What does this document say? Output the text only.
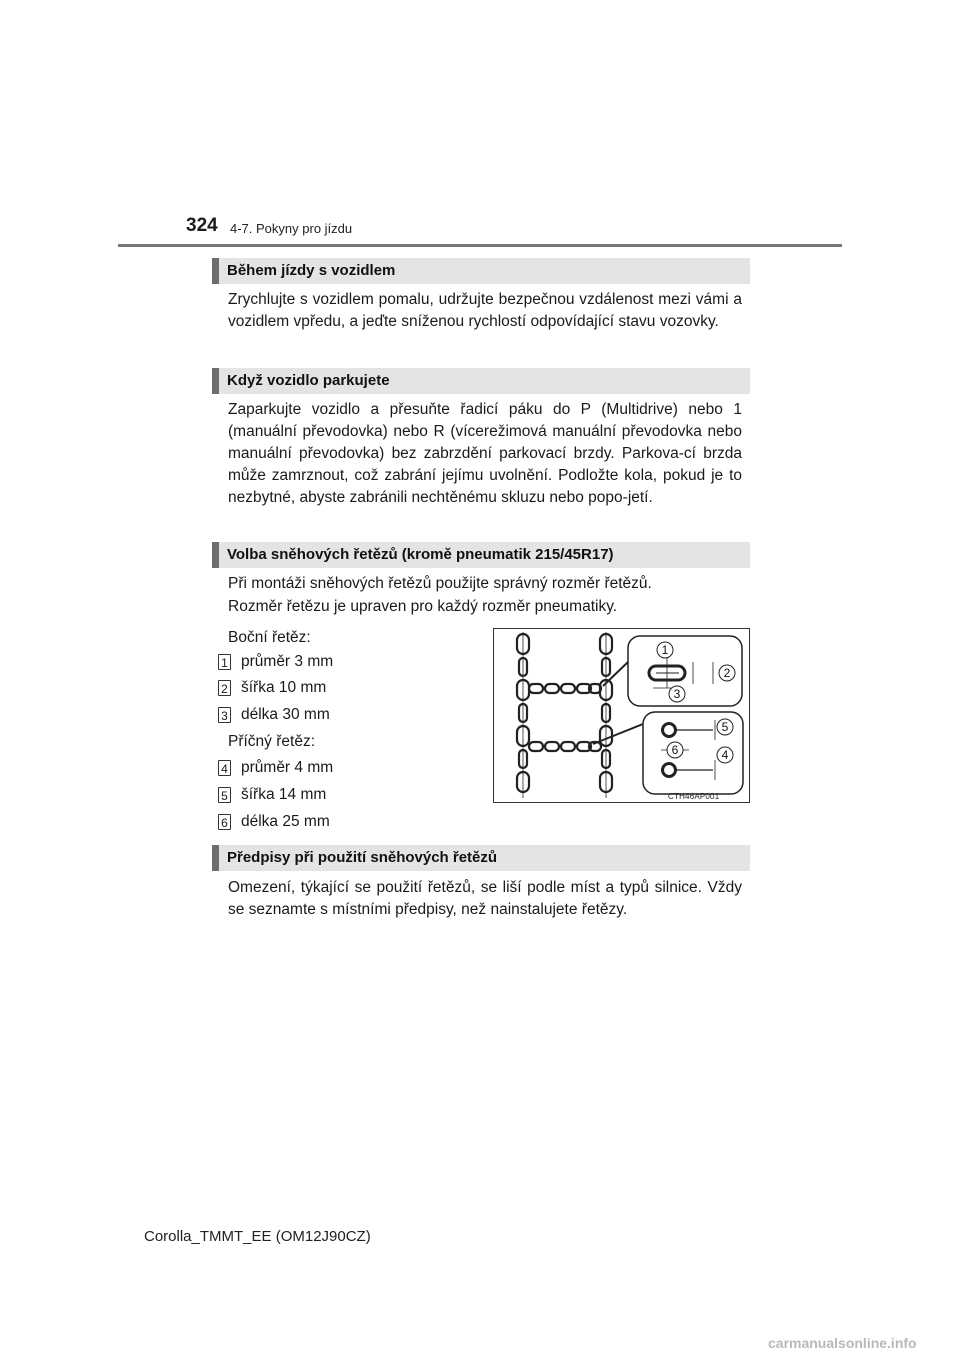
324 4-7. Pokyny pro jízdu
Během jízdy s vozidlem
Zrychlujte s vozidlem pomalu, udržujte bezpečnou vzdálenost mezi vámi a vozidlem vpředu, a jeďte sníženou rychlostí odpovídající stavu vozovky.
Když vozidlo parkujete
Zaparkujte vozidlo a přesuňte řadicí páku do P (Multidrive) nebo 1 (manuální převodovka) nebo R (vícerežimová manuální převodovka nebo manuální převodovka) bez zabrzdění parkovací brzdy. Parkova-cí brzda může zamrznout, což zabrání jejímu uvolnění. Podložte kola, pokud je to nezbytné, abyste zabránili nechtěnému skluzu nebo popo-jetí.
Volba sněhových řetězů (kromě pneumatik 215/45R17)
Při montáži sněhových řetězů použijte správný rozměr řetězů.
Rozměr řetězu je upraven pro každý rozměr pneumatiky.
Boční řetěz:
1 průměr 3 mm
2 šířka 10 mm
3 délka 30 mm
Příčný řetěz:
4 průměr 4 mm
5 šířka 14 mm
6 délka 25 mm
1
2
3
4
5
6
CTH46AP001
Předpisy při použití sněhových řetězů
Omezení, týkající se použití řetězů, se liší podle míst a typů silnice. Vždy se seznamte s místními předpisy, než nainstalujete řetězy.
Corolla_TMMT_EE (OM12J90CZ)
carmanualsonline.info
